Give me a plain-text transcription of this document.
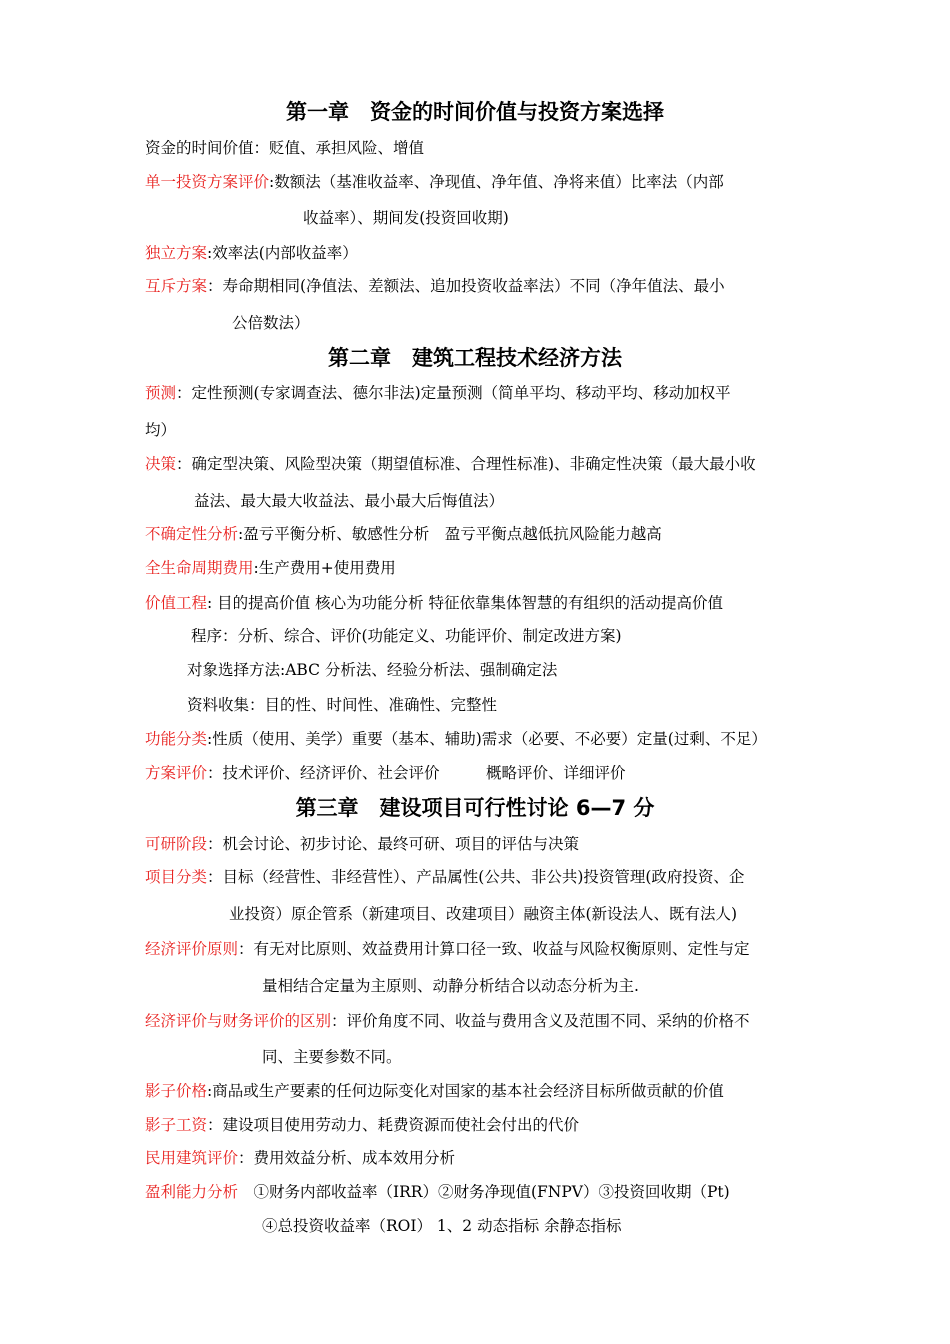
第一章　资金的时间价值与投资方案选择
资金的时间价值：贬值、承担风险、增值
单一投资方案评价:数额法（基准收益率、净现值、净年值、净将来值）比率法（内部
收益率）、期间发(投资回收期)
独立方案:效率法(内部收益率）
互斥方案：寿命期相同(净值法、差额法、追加投资收益率法）不同（净年值法、最小
公倍数法）
第二章　建筑工程技术经济方法
预测：定性预测(专家调查法、德尔非法)定量预测（简单平均、移动平均、移动加权平
均）
决策：确定型决策、风险型决策（期望值标准、合理性标准)、非确定性决策（最大最小收
益法、最大最大收益法、最小最大后悔值法）
不确定性分析:盈亏平衡分析、敏感性分析　盈亏平衡点越低抗风险能力越高
全生命周期费用:生产费用+使用费用
价值工程: 目的提高价值 核心为功能分析 特征依靠集体智慧的有组织的活动提高价值
程序：分析、综合、评价(功能定义、功能评价、制定改进方案)
对象选择方法:ABC 分析法、经验分析法、强制确定法
资料收集：目的性、时间性、准确性、完整性
功能分类:性质（使用、美学）重要（基本、辅助)需求（必要、不必要）定量(过剩、不足）
方案评价：技术评价、经济评价、社会评价　　　概略评价、详细评价
第三章　建设项目可行性讨论 6—7 分
可研阶段：机会讨论、初步讨论、最终可研、项目的评估与决策
项目分类：目标（经营性、非经营性）、产品属性(公共、非公共)投资管理(政府投资、企
业投资）原企管系（新建项目、改建项目）融资主体(新设法人、既有法人)
经济评价原则：有无对比原则、效益费用计算口径一致、收益与风险权衡原则、定性与定
量相结合定量为主原则、动静分析结合以动态分析为主.
经济评价与财务评价的区别：评价角度不同、收益与费用含义及范围不同、采纳的价格不
同、主要参数不同。
影子价格:商品或生产要素的任何边际变化对国家的基本社会经济目标所做贡献的价值
影子工资：建设项目使用劳动力、耗费资源而使社会付出的代价
民用建筑评价：费用效益分析、成本效用分析
盈利能力分析　①财务内部收益率（IRR）②财务净现值(FNPV）③投资回收期（Pt)
④总投资收益率（ROI） 1、2 动态指标 余静态指标
